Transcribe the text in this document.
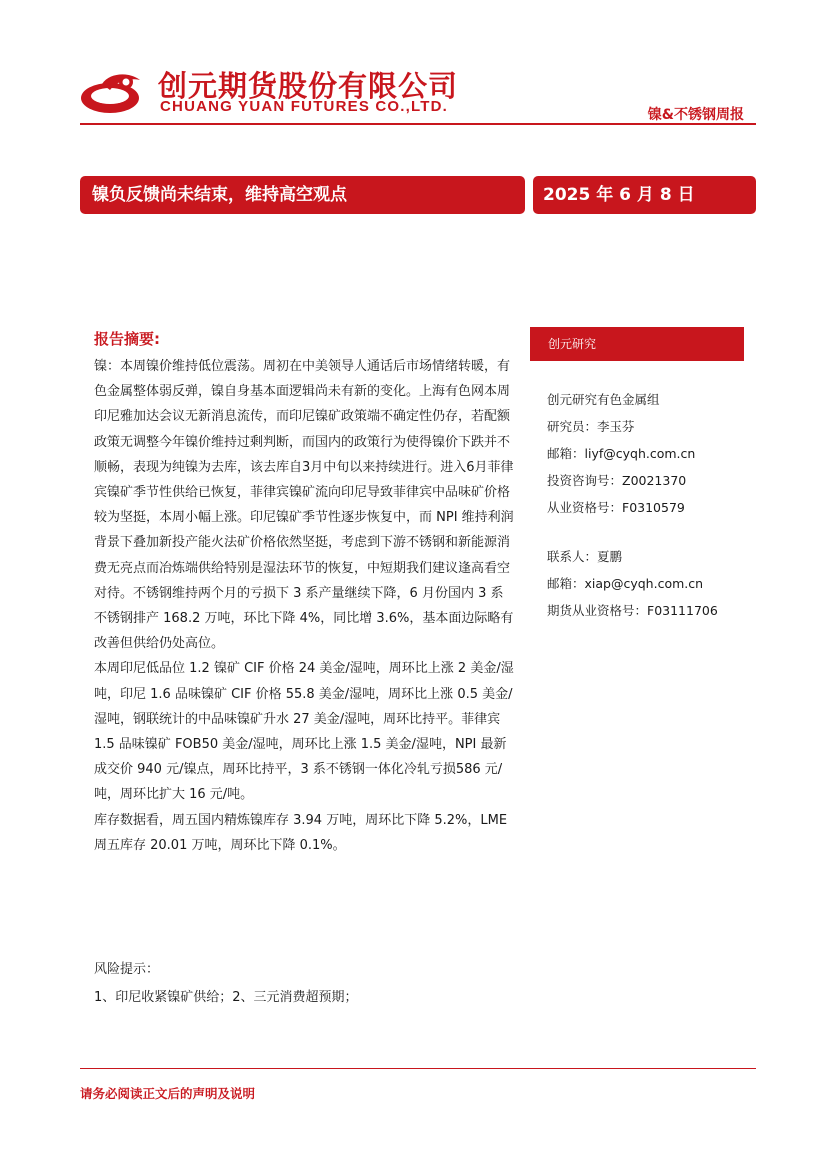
创元期货股份有限公司
CHUANG YUAN FUTURES CO.,LTD.	镍&不锈钢周报
镍负反馈尚未结束，维持高空观点	2025 年 6 月 8 日
报告摘要:

镍：本周镍价维持低位震荡。周初在中美领导人通话后市场情绪转暖，有色金属整体弱反弹，镍自身基本面逻辑尚未有新的变化。上海有色网本周印尼雅加达会议无新消息流传，而印尼镍矿政策端不确定性仍存，若配额政策无调整今年镍价维持过剩判断，而国内的政策行为使得镍价下跌并不顺畅，表现为纯镍为去库，该去库自3月中旬以来持续进行。进入6月菲律宾镍矿季节性供给已恢复，菲律宾镍矿流向印尼导致菲律宾中品味矿价格较为坚挺，本周小幅上涨。印尼镍矿季节性逐步恢复中，而 NPI 维持利润背景下叠加新投产能火法矿价格依然坚挺，考虑到下游不锈钢和新能源消费无亮点而冶炼端供给特别是湿法环节的恢复，中短期我们建议逢高看空对待。不锈钢维持两个月的亏损下 3 系产量继续下降，6 月份国内 3 系不锈钢排产 168.2 万吨，环比下降 4%，同比增 3.6%，基本面边际略有改善但供给仍处高位。

本周印尼低品位 1.2 镍矿 CIF 价格 24 美金/湿吨，周环比上涨 2 美金/湿吨，印尼 1.6 品味镍矿 CIF 价格 55.8 美金/湿吨，周环比上涨 0.5 美金/湿吨，钢联统计的中品味镍矿升水 27 美金/湿吨，周环比持平。菲律宾 1.5 品味镍矿 FOB50 美金/湿吨，周环比上涨 1.5 美金/湿吨，NPI 最新成交价 940 元/镍点，周环比持平，3 系不锈钢一体化冷轧亏损586 元/吨，周环比扩大 16 元/吨。

库存数据看，周五国内精炼镍库存 3.94 万吨，周环比下降 5.2%，LME 周五库存 20.01 万吨，周环比下降 0.1%。

风险提示：
1、印尼收紧镍矿供给；2、三元消费超预期；
创元研究
创元研究有色金属组
研究员：李玉芬
邮箱：liyf@cyqh.com.cn
投资咨询号：Z0021370
从业资格号：F0310579
联系人：夏鹏
邮箱：xiap@cyqh.com.cn
期货从业资格号：F03111706
请务必阅读正文后的声明及说明
